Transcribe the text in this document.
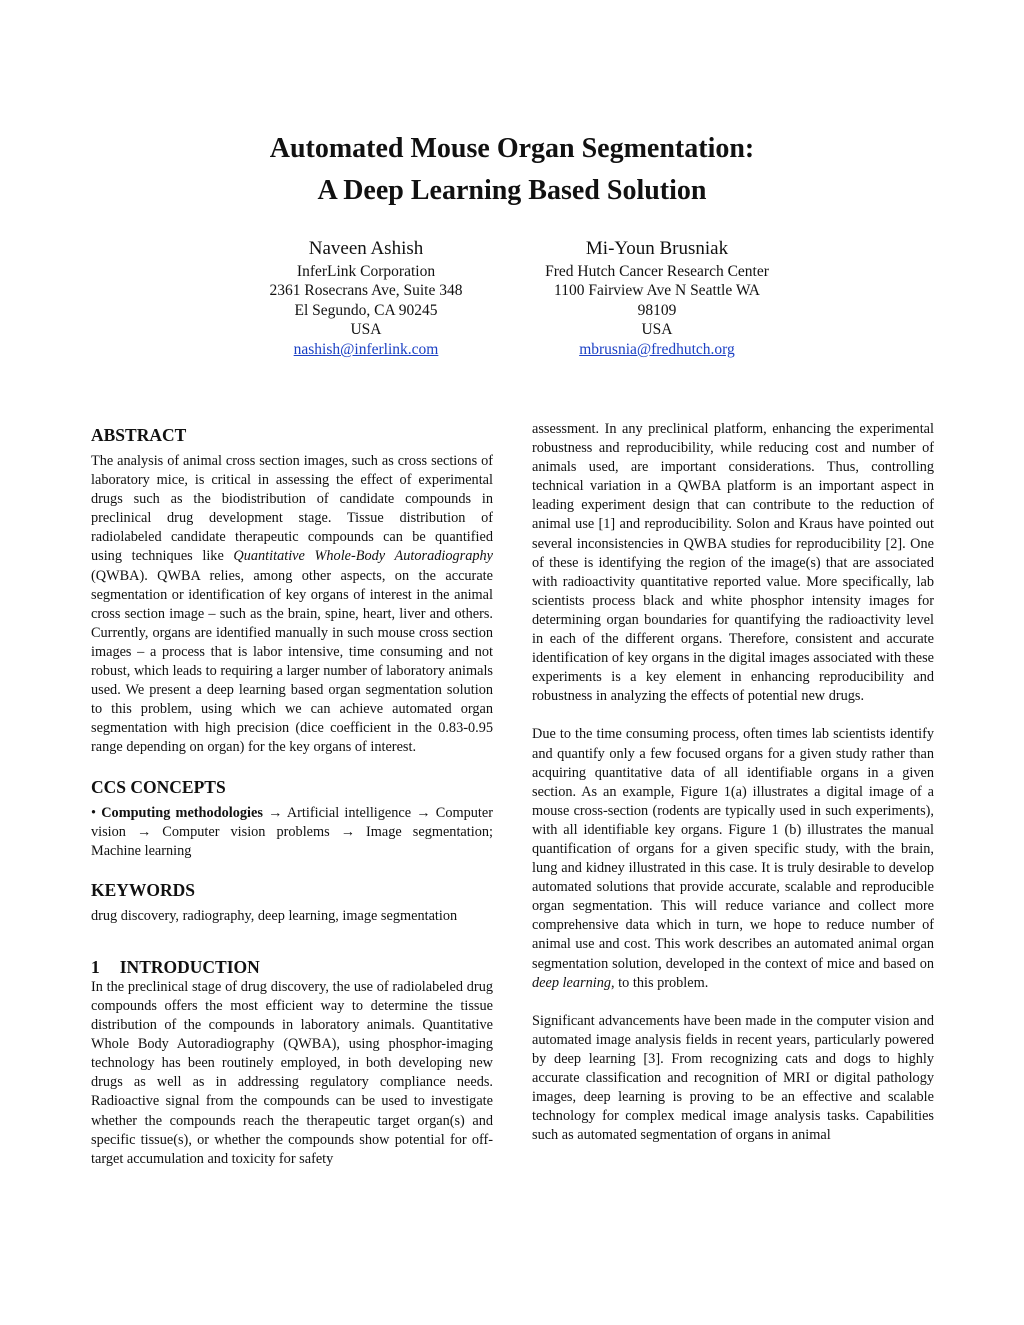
Automated Mouse Organ Segmentation:
A Deep Learning Based Solution
Naveen Ashish
InferLink Corporation
2361 Rosecrans Ave, Suite 348
El Segundo, CA 90245
USA
nashish@inferlink.com
Mi-Youn Brusniak
Fred Hutch Cancer Research Center
1100 Fairview Ave N Seattle WA
98109
USA
mbrusnia@fredhutch.org
ABSTRACT

The analysis of animal cross section images, such as cross sections of laboratory mice, is critical in assessing the effect of experimental drugs such as the biodistribution of candidate compounds in preclinical drug development stage. Tissue distribution of radiolabeled candidate therapeutic compounds can be quantified using techniques like Quantitative Whole-Body Autoradiography (QWBA). QWBA relies, among other aspects, on the accurate segmentation or identification of key organs of interest in the animal cross section image – such as the brain, spine, heart, liver and others. Currently, organs are identified manually in such mouse cross section images – a process that is labor intensive, time consuming and not robust, which leads to requiring a larger number of laboratory animals used. We present a deep learning based organ segmentation solution to this problem, using which we can achieve automated organ segmentation with high precision (dice coefficient in the 0.83-0.95 range depending on organ) for the key organs of interest.

CCS CONCEPTS

• Computing methodologies → Artificial intelligence → Computer vision → Computer vision problems → Image segmentation; Machine learning

KEYWORDS

drug discovery, radiography, deep learning, image segmentation

1 INTRODUCTION

In the preclinical stage of drug discovery, the use of radiolabeled drug compounds offers the most efficient way to determine the tissue distribution of the compounds in laboratory animals. Quantitative Whole Body Autoradiography (QWBA), using phosphor-imaging technology has been routinely employed, in both developing new drugs as well as in addressing regulatory compliance needs. Radioactive signal from the compounds can be used to investigate whether the compounds reach the therapeutic target organ(s) and specific tissue(s), or whether the compounds show potential for off-target accumulation and toxicity for safety

assessment. In any preclinical platform, enhancing the experimental robustness and reproducibility, while reducing cost and number of animals used, are important considerations. Thus, controlling technical variation in a QWBA platform is an important aspect in leading experiment design that can contribute to the reduction of animal use [1] and reproducibility. Solon and Kraus have pointed out several inconsistencies in QWBA studies for reproducibility [2]. One of these is identifying the region of the image(s) that are associated with radioactivity quantitative reported value. More specifically, lab scientists process black and white phosphor intensity images for determining organ boundaries for quantifying the radioactivity level in each of the different organs. Therefore, consistent and accurate identification of key organs in the digital images associated with these experiments is a key element in enhancing reproducibility and robustness in analyzing the effects of potential new drugs.

Due to the time consuming process, often times lab scientists identify and quantify only a few focused organs for a given study rather than acquiring quantitative data of all identifiable organs in a given section. As an example, Figure 1(a) illustrates a digital image of a mouse cross-section (rodents are typically used in such experiments), with all identifiable key organs. Figure 1 (b) illustrates the manual quantification of organs for a given specific study, with the brain, lung and kidney illustrated in this case. It is truly desirable to develop automated solutions that provide accurate, scalable and reproducible organ segmentation. This will reduce variance and collect more comprehensive data which in turn, we hope to reduce number of animal use and cost. This work describes an automated animal organ segmentation solution, developed in the context of mice and based on deep learning, to this problem.

Significant advancements have been made in the computer vision and automated image analysis fields in recent years, particularly powered by deep learning [3]. From recognizing cats and dogs to highly accurate classification and recognition of MRI or digital pathology images, deep learning is proving to be an effective and scalable technology for complex medical image analysis tasks. Capabilities such as automated segmentation of organs in animal
